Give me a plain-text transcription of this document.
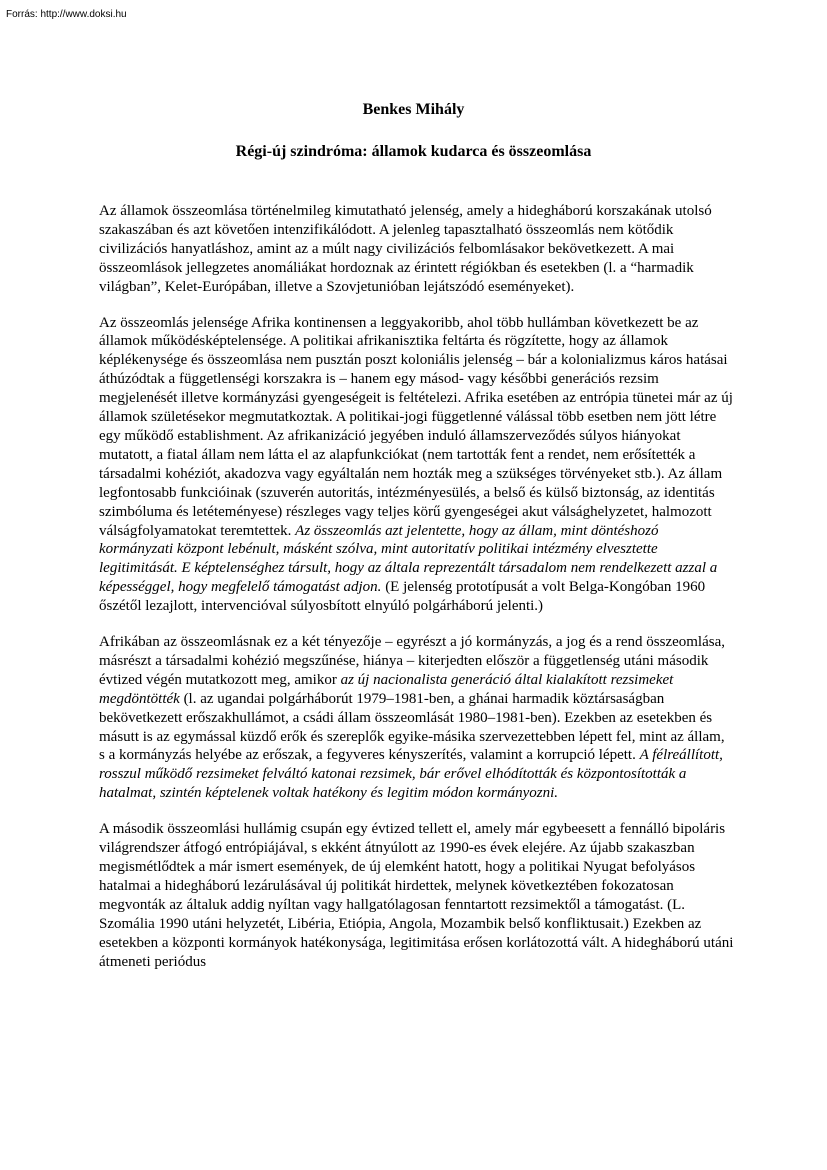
Forrás: http://www.doksi.hu
Benkes Mihály
Régi-új szindróma: államok kudarca és összeomlása

Az államok összeomlása történelmileg kimutatható jelenség, amely a hidegháború korszakának utolsó szakaszában és azt követően intenzifikálódott. A jelenleg tapasztalható összeomlás nem kötődik civilizációs hanyatláshoz, amint az a múlt nagy civilizációs felbomlásakor bekövetkezett. A mai összeomlások jellegzetes anomáliákat hordoznak az érintett régiókban és esetekben (l. a “harmadik világban”, Kelet-Európában, illetve a Szovjetunióban lejátszódó eseményeket).

Az összeomlás jelensége Afrika kontinensen a leggyakoribb, ahol több hullámban következett be az államok működésképtelensége. A politikai afrikanisztika feltárta és rögzítette, hogy az államok képlékenysége és összeomlása nem pusztán poszt koloniális jelenség – bár a kolonializmus káros hatásai áthúzódtak a függetlenségi korszakra is – hanem egy másod- vagy későbbi generációs rezsim megjelenését illetve kormányzási gyengeségeit is feltételezi. Afrika esetében az entrópia tünetei már az új államok születésekor megmutatkoztak. A politikai-jogi függetlenné válással több esetben nem jött létre egy működő establishment. Az afrikanizáció jegyében induló államszerveződés súlyos hiányokat mutatott, a fiatal állam nem látta el az alapfunkciókat (nem tartották fent a rendet, nem erősítették a társadalmi kohéziót, akadozva vagy egyáltalán nem hozták meg a szükséges törvényeket stb.). Az állam legfontosabb funkcióinak (szuverén autoritás, intézményesülés, a belső és külső biztonság, az identitás szimbóluma és letéteményese) részleges vagy teljes körű gyengeségei akut válsághelyzetet, halmozott válságfolyamatokat teremtettek. Az összeomlás azt jelentette, hogy az állam, mint döntéshozó kormányzati központ lebénult, másként szólva, mint autoritatív politikai intézmény elvesztette legitimitását. E képtelenséghez társult, hogy az általa reprezentált társadalom nem rendelkezett azzal a képességgel, hogy megfelelő támogatást adjon. (E jelenség prototípusát a volt Belga-Kongóban 1960 őszétől lezajlott, intervencióval súlyosbított elnyúló polgárháború jelenti.)

Afrikában az összeomlásnak ez a két tényezője – egyrészt a jó kormányzás, a jog és a rend összeomlása, másrészt a társadalmi kohézió megszűnése, hiánya – kiterjedten először a függetlenség utáni második évtized végén mutatkozott meg, amikor az új nacionalista generáció által kialakított rezsimeket megdöntötték (l. az ugandai polgárháborút 1979–1981-ben, a ghánai harmadik köztársaságban bekövetkezett erőszakhullámot, a csádi állam összeomlását 1980–1981-ben). Ezekben az esetekben és másutt is az egymással küzdő erők és szereplők egyike-másika szervezettebben lépett fel, mint az állam, s a kormányzás helyébe az erőszak, a fegyveres kényszerítés, valamint a korrupció lépett. A félreállított, rosszul működő rezsimeket felváltó katonai rezsimek, bár erővel elhódították és központosították a hatalmat, szintén képtelenek voltak hatékony és legitim módon kormányozni.

A második összeomlási hullámig csupán egy évtized tellett el, amely már egybeesett a fennálló bipoláris világrendszer átfogó entrópiájával, s ekként átnyúlott az 1990-es évek elejére. Az újabb szakaszban megismétlődtek a már ismert események, de új elemként hatott, hogy a politikai Nyugat befolyásos hatalmai a hidegháború lezárulásával új politikát hirdettek, melynek következtében fokozatosan megvonták az általuk addig nyíltan vagy hallgatólagosan fenntartott rezsimektől a támogatást. (L. Szomália 1990 utáni helyzetét, Libéria, Etiópia, Angola, Mozambik belső konfliktusait.) Ezekben az esetekben a központi kormányok hatékonysága, legitimitása erősen korlátozottá vált. A hidegháború utáni átmeneti periódus
